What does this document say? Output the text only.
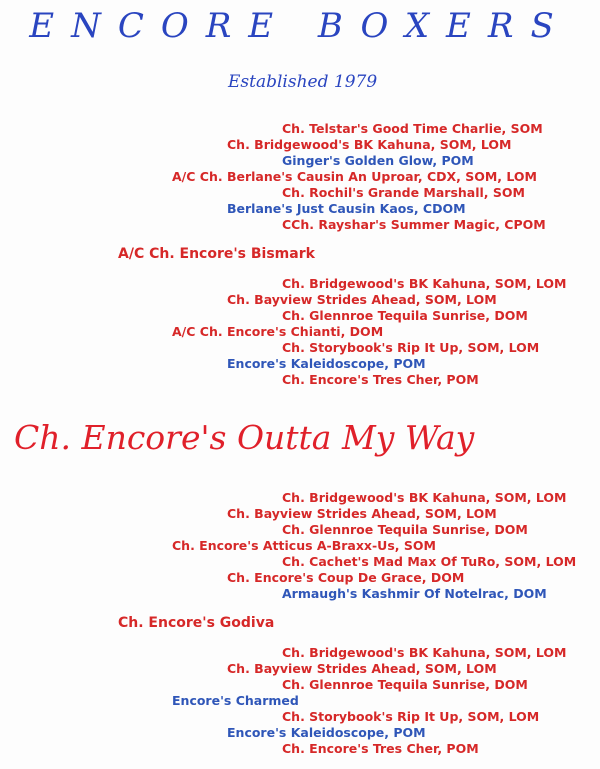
ENCORE BOXERS
Established 1979
Ch. Telstar's Good Time Charlie, SOM
Ch. Bridgewood's BK Kahuna, SOM, LOM
Ginger's Golden Glow, POM
A/C Ch. Berlane's Causin An Uproar, CDX, SOM, LOM
Ch. Rochil's Grande Marshall, SOM
Berlane's Just Causin Kaos, CDOM
CCh. Rayshar's Summer Magic, CPOM
A/C Ch. Encore's Bismark
Ch. Bridgewood's BK Kahuna, SOM, LOM
Ch. Bayview Strides Ahead, SOM, LOM
Ch. Glennroe Tequila Sunrise, DOM
A/C Ch. Encore's Chianti, DOM
Ch. Storybook's Rip It Up, SOM, LOM
Encore's Kaleidoscope, POM
Ch. Encore's Tres Cher, POM
Ch. Encore's Outta My Way
Ch. Bridgewood's BK Kahuna, SOM, LOM
Ch. Bayview Strides Ahead, SOM, LOM
Ch. Glennroe Tequila Sunrise, DOM
Ch. Encore's Atticus A-Braxx-Us, SOM
Ch. Cachet's Mad Max Of TuRo, SOM, LOM
Ch. Encore's Coup De Grace, DOM
Armaugh's Kashmir Of Notelrac, DOM
Ch. Encore's Godiva
Ch. Bridgewood's BK Kahuna, SOM, LOM
Ch. Bayview Strides Ahead, SOM, LOM
Ch. Glennroe Tequila Sunrise, DOM
Encore's Charmed
Ch. Storybook's Rip It Up, SOM, LOM
Encore's Kaleidoscope, POM
Ch. Encore's Tres Cher, POM
